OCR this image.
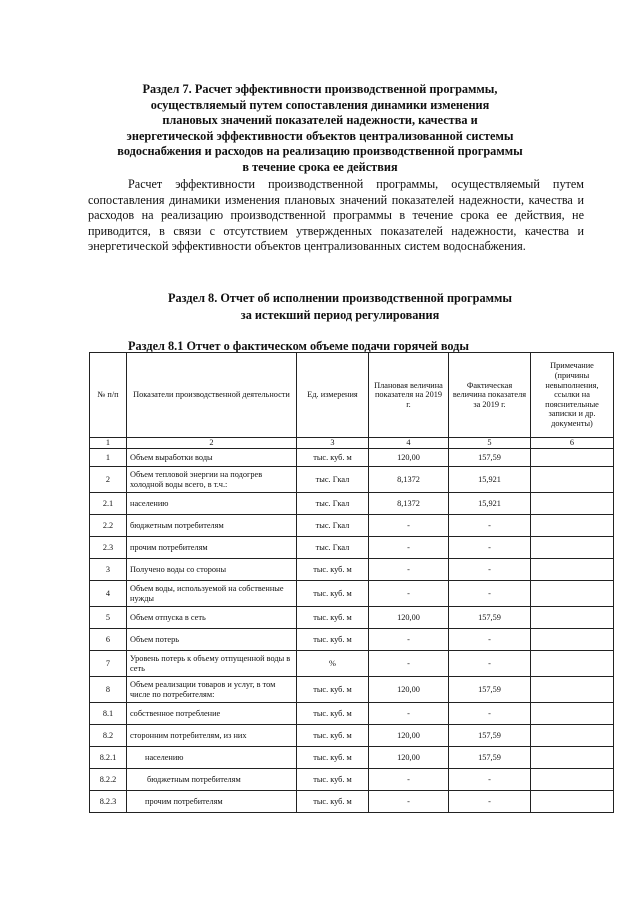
Раздел 7. Расчет эффективности производственной программы,
осуществляемый путем сопоставления динамики изменения
плановых значений показателей надежности, качества и
энергетической эффективности объектов централизованной системы
водоснабжения и расходов на реализацию производственной программы
в течение срока ее действия
Расчет эффективности производственной программы, осуществляемый путем сопоставления динамики изменения плановых значений показателей надежности, качества и расходов на реализацию производственной программы в течение срока ее действия, не приводится, в связи с отсутствием утвержденных показателей надежности, качества и энергетической эффективности объектов централизованных систем водоснабжения.
Раздел 8. Отчет об исполнении производственной программы
за истекший период регулирования
Раздел 8.1 Отчет о фактическом объеме подачи горячей воды
№ п/п	Показатели производственной деятельности	Ед. измерения	Плановая величина показателя на 2019 г.	Фактическая величина показателя за 2019 г.	Примечание (причины невыполнения, ссылки на пояснительные записки и др. документы)
1	2	3	4	5	6
1	Объем выработки воды	тыс. куб. м	120,00	157,59	
2	Объем тепловой энергии на подогрев холодной воды всего, в т.ч.:	тыс. Гкал	8,1372	15,921	
2.1	населению	тыс. Гкал	8,1372	15,921	
2.2	бюджетным потребителям	тыс. Гкал	-	-	
2.3	прочим потребителям	тыс. Гкал	-	-	
3	Получено воды со стороны	тыс. куб. м	-	-	
4	Объем воды, используемой на собственные нужды	тыс. куб. м	-	-	
5	Объем отпуска в сеть	тыс. куб. м	120,00	157,59	
6	Объем потерь	тыс. куб. м	-	-	
7	Уровень потерь к объему отпущенной воды в сеть	%	-	-	
8	Объем реализации товаров и услуг, в том числе по потребителям:	тыс. куб. м	120,00	157,59	
8.1	собственное потребление	тыс. куб. м	-	-	
8.2	сторонним потребителям, из них	тыс. куб. м	120,00	157,59	
8.2.1	населению	тыс. куб. м	120,00	157,59	
8.2.2	бюджетным потребителям	тыс. куб. м	-	-	
8.2.3	прочим потребителям	тыс. куб. м	-	-	
